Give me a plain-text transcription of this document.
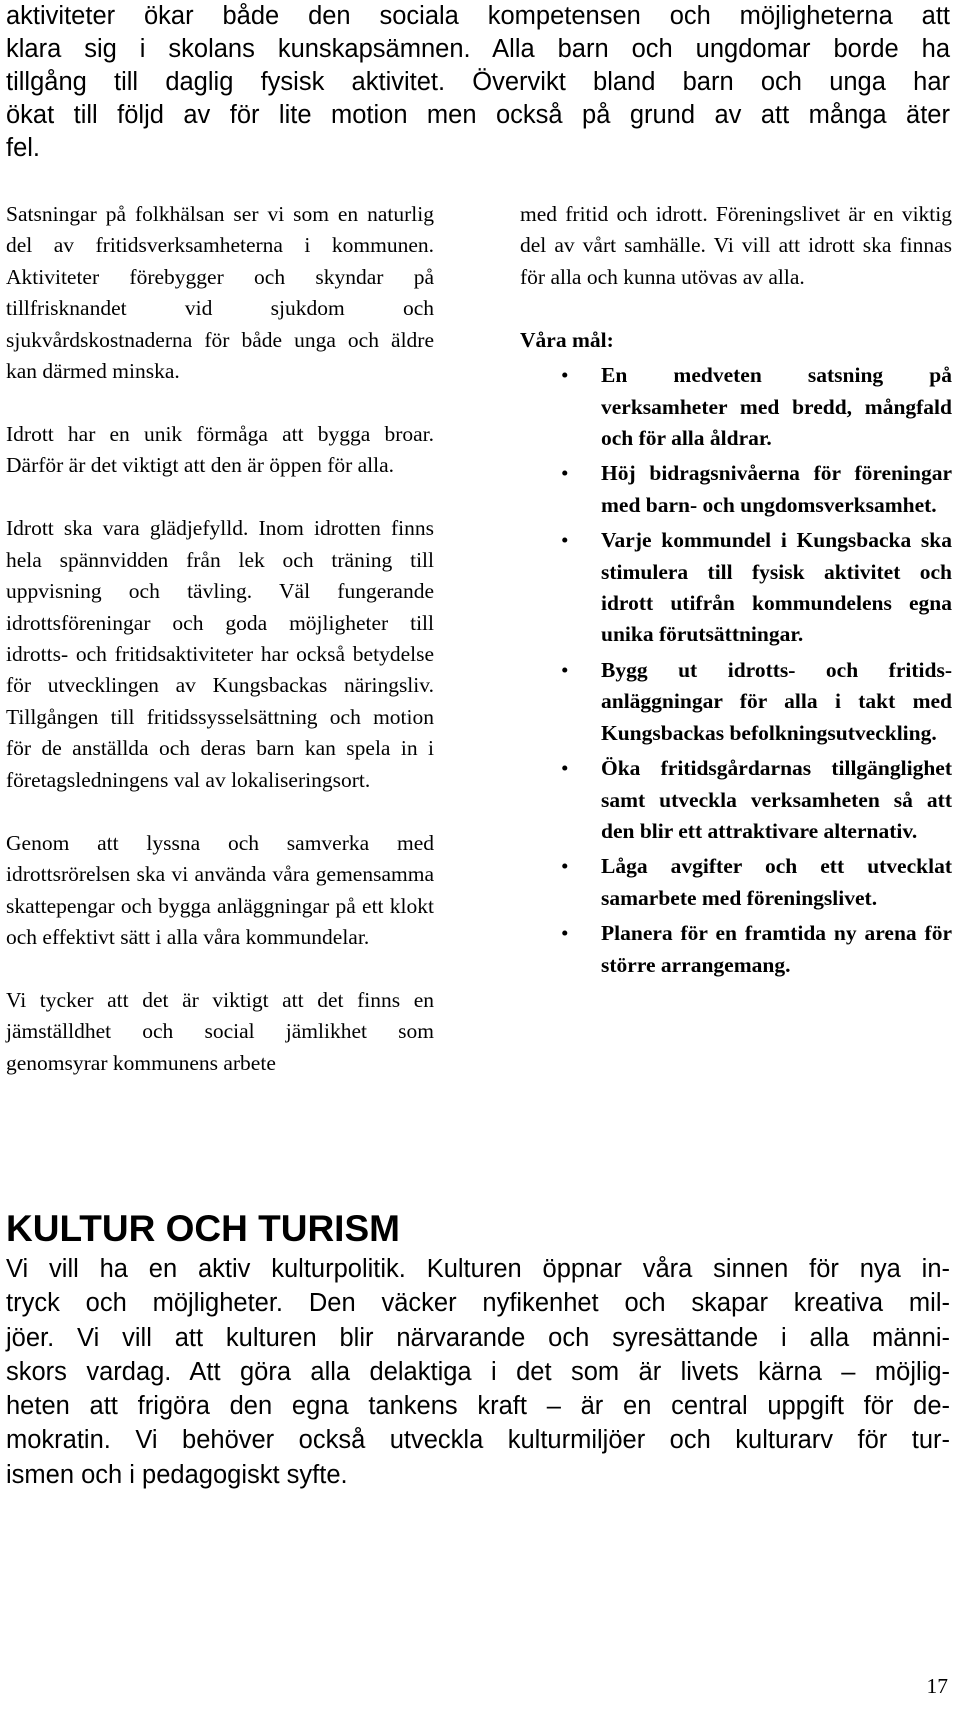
aktiviteter ökar både den sociala kompetensen och möjligheterna att
klara sig i skolans kunskapsämnen. Alla barn och ungdomar borde ha
tillgång till daglig fysisk aktivitet. Övervikt bland barn och unga har
ökat till följd av för lite motion men också på grund av att många äter
fel.

Satsningar på folkhälsan ser vi som en naturlig del av fritidsverksamheterna i kommunen. Aktiviteter förebygger och skyndar på tillfrisknandet vid sjukdom och sjukvårdskostnaderna för både unga och äldre kan därmed minska.

Idrott har en unik förmåga att bygga broar. Därför är det viktigt att den är öppen för alla.

Idrott ska vara glädjefylld. Inom idrotten finns hela spännvidden från lek och träning till uppvisning och tävling. Väl fungerande idrottsföreningar och goda möjligheter till idrotts- och fritidsaktiviteter har också betydelse för utvecklingen av Kungsbackas näringsliv. Tillgången till fritidssysselsättning och motion för de anställda och deras barn kan spela in i företagsledningens val av lokaliseringsort.

Genom att lyssna och samverka med idrottsrörelsen ska vi använda våra gemensamma skattepengar och bygga anläggningar på ett klokt och effektivt sätt i alla våra kommundelar.

Vi tycker att det är viktigt att det finns en jämställdhet och social jämlikhet som genomsyrar kommunens arbete

med fritid och idrott. Föreningslivet är en viktig del av vårt samhälle. Vi vill att idrott ska finnas för alla och kunna utövas av alla.

Våra mål:
• En medveten satsning på verksamheter med bredd, mångfald och för alla åldrar.
• Höj bidragsnivåerna för föreningar med barn- och ungdomsverksamhet.
• Varje kommundel i Kungsbacka ska stimulera till fysisk aktivitet och idrott utifrån kommundelens egna unika förutsättningar.
• Bygg ut idrotts- och fritidsanläggningar för alla i takt med Kungsbackas befolkningsutveckling.
• Öka fritidsgårdarnas tillgänglighet samt utveckla verksamheten så att den blir ett attraktivare alternativ.
• Låga avgifter och ett utvecklat samarbete med föreningslivet.
• Planera för en framtida ny arena för större arrangemang.
KULTUR OCH TURISM
Vi vill ha en aktiv kulturpolitik. Kulturen öppnar våra sinnen för nya in-
tryck och möjligheter. Den väcker nyfikenhet och skapar kreativa mil-
jöer. Vi vill att kulturen blir närvarande och syresättande i alla männi-
skors vardag. Att göra alla delaktiga i det som är livets kärna – möjlig-
heten att frigöra den egna tankens kraft – är en central uppgift för de-
mokratin. Vi behöver också utveckla kulturmiljöer och kulturarv för tur-
ismen och i pedagogiskt syfte.
17
